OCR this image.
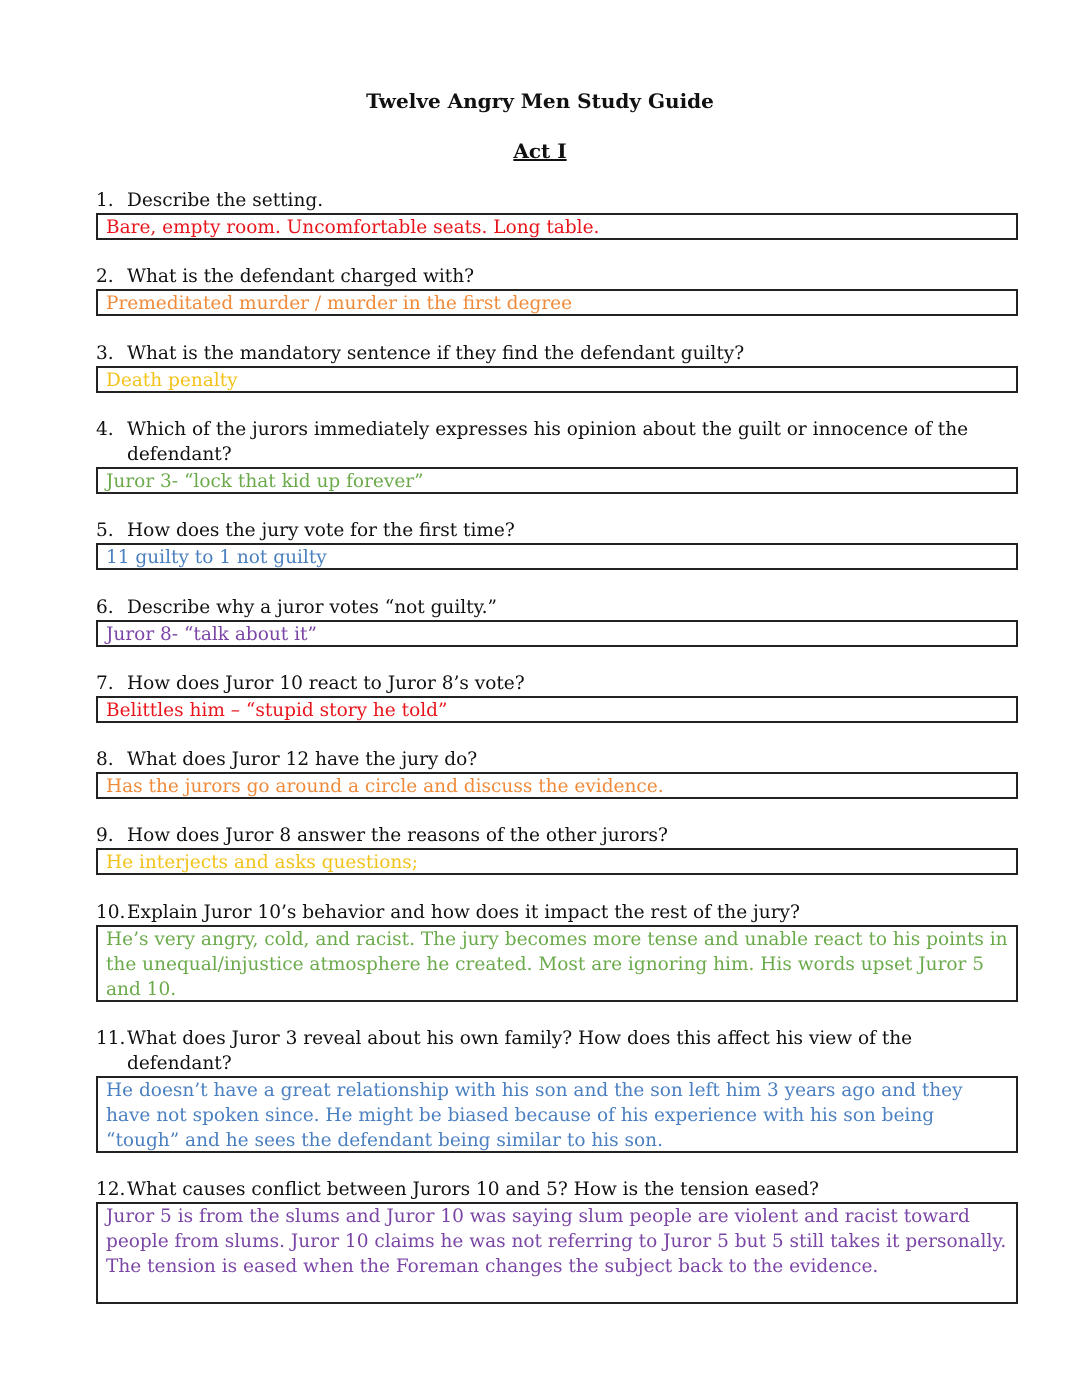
Twelve Angry Men Study Guide
Act I
1. Describe the setting.
Bare, empty room. Uncomfortable seats. Long table.
2. What is the defendant charged with?
Premeditated murder / murder in the first degree
3. What is the mandatory sentence if they find the defendant guilty?
Death penalty
4. Which of the jurors immediately expresses his opinion about the guilt or innocence of the defendant?
Juror 3- “lock that kid up forever”
5. How does the jury vote for the first time?
11 guilty to 1 not guilty
6. Describe why a juror votes “not guilty.”
Juror 8- “talk about it”
7. How does Juror 10 react to Juror 8’s vote?
Belittles him – “stupid story he told”
8. What does Juror 12 have the jury do?
Has the jurors go around a circle and discuss the evidence.
9. How does Juror 8 answer the reasons of the other jurors?
He interjects and asks questions;
10. Explain Juror 10’s behavior and how does it impact the rest of the jury?
He’s very angry, cold, and racist. The jury becomes more tense and unable react to his points in the unequal/injustice atmosphere he created. Most are ignoring him. His words upset Juror 5 and 10.
11. What does Juror 3 reveal about his own family? How does this affect his view of the defendant?
He doesn’t have a great relationship with his son and the son left him 3 years ago and they have not spoken since. He might be biased because of his experience with his son being “tough” and he sees the defendant being similar to his son.
12. What causes conflict between Jurors 10 and 5? How is the tension eased?
Juror 5 is from the slums and Juror 10 was saying slum people are violent and racist toward people from slums. Juror 10 claims he was not referring to Juror 5 but 5 still takes it personally. The tension is eased when the Foreman changes the subject back to the evidence.
